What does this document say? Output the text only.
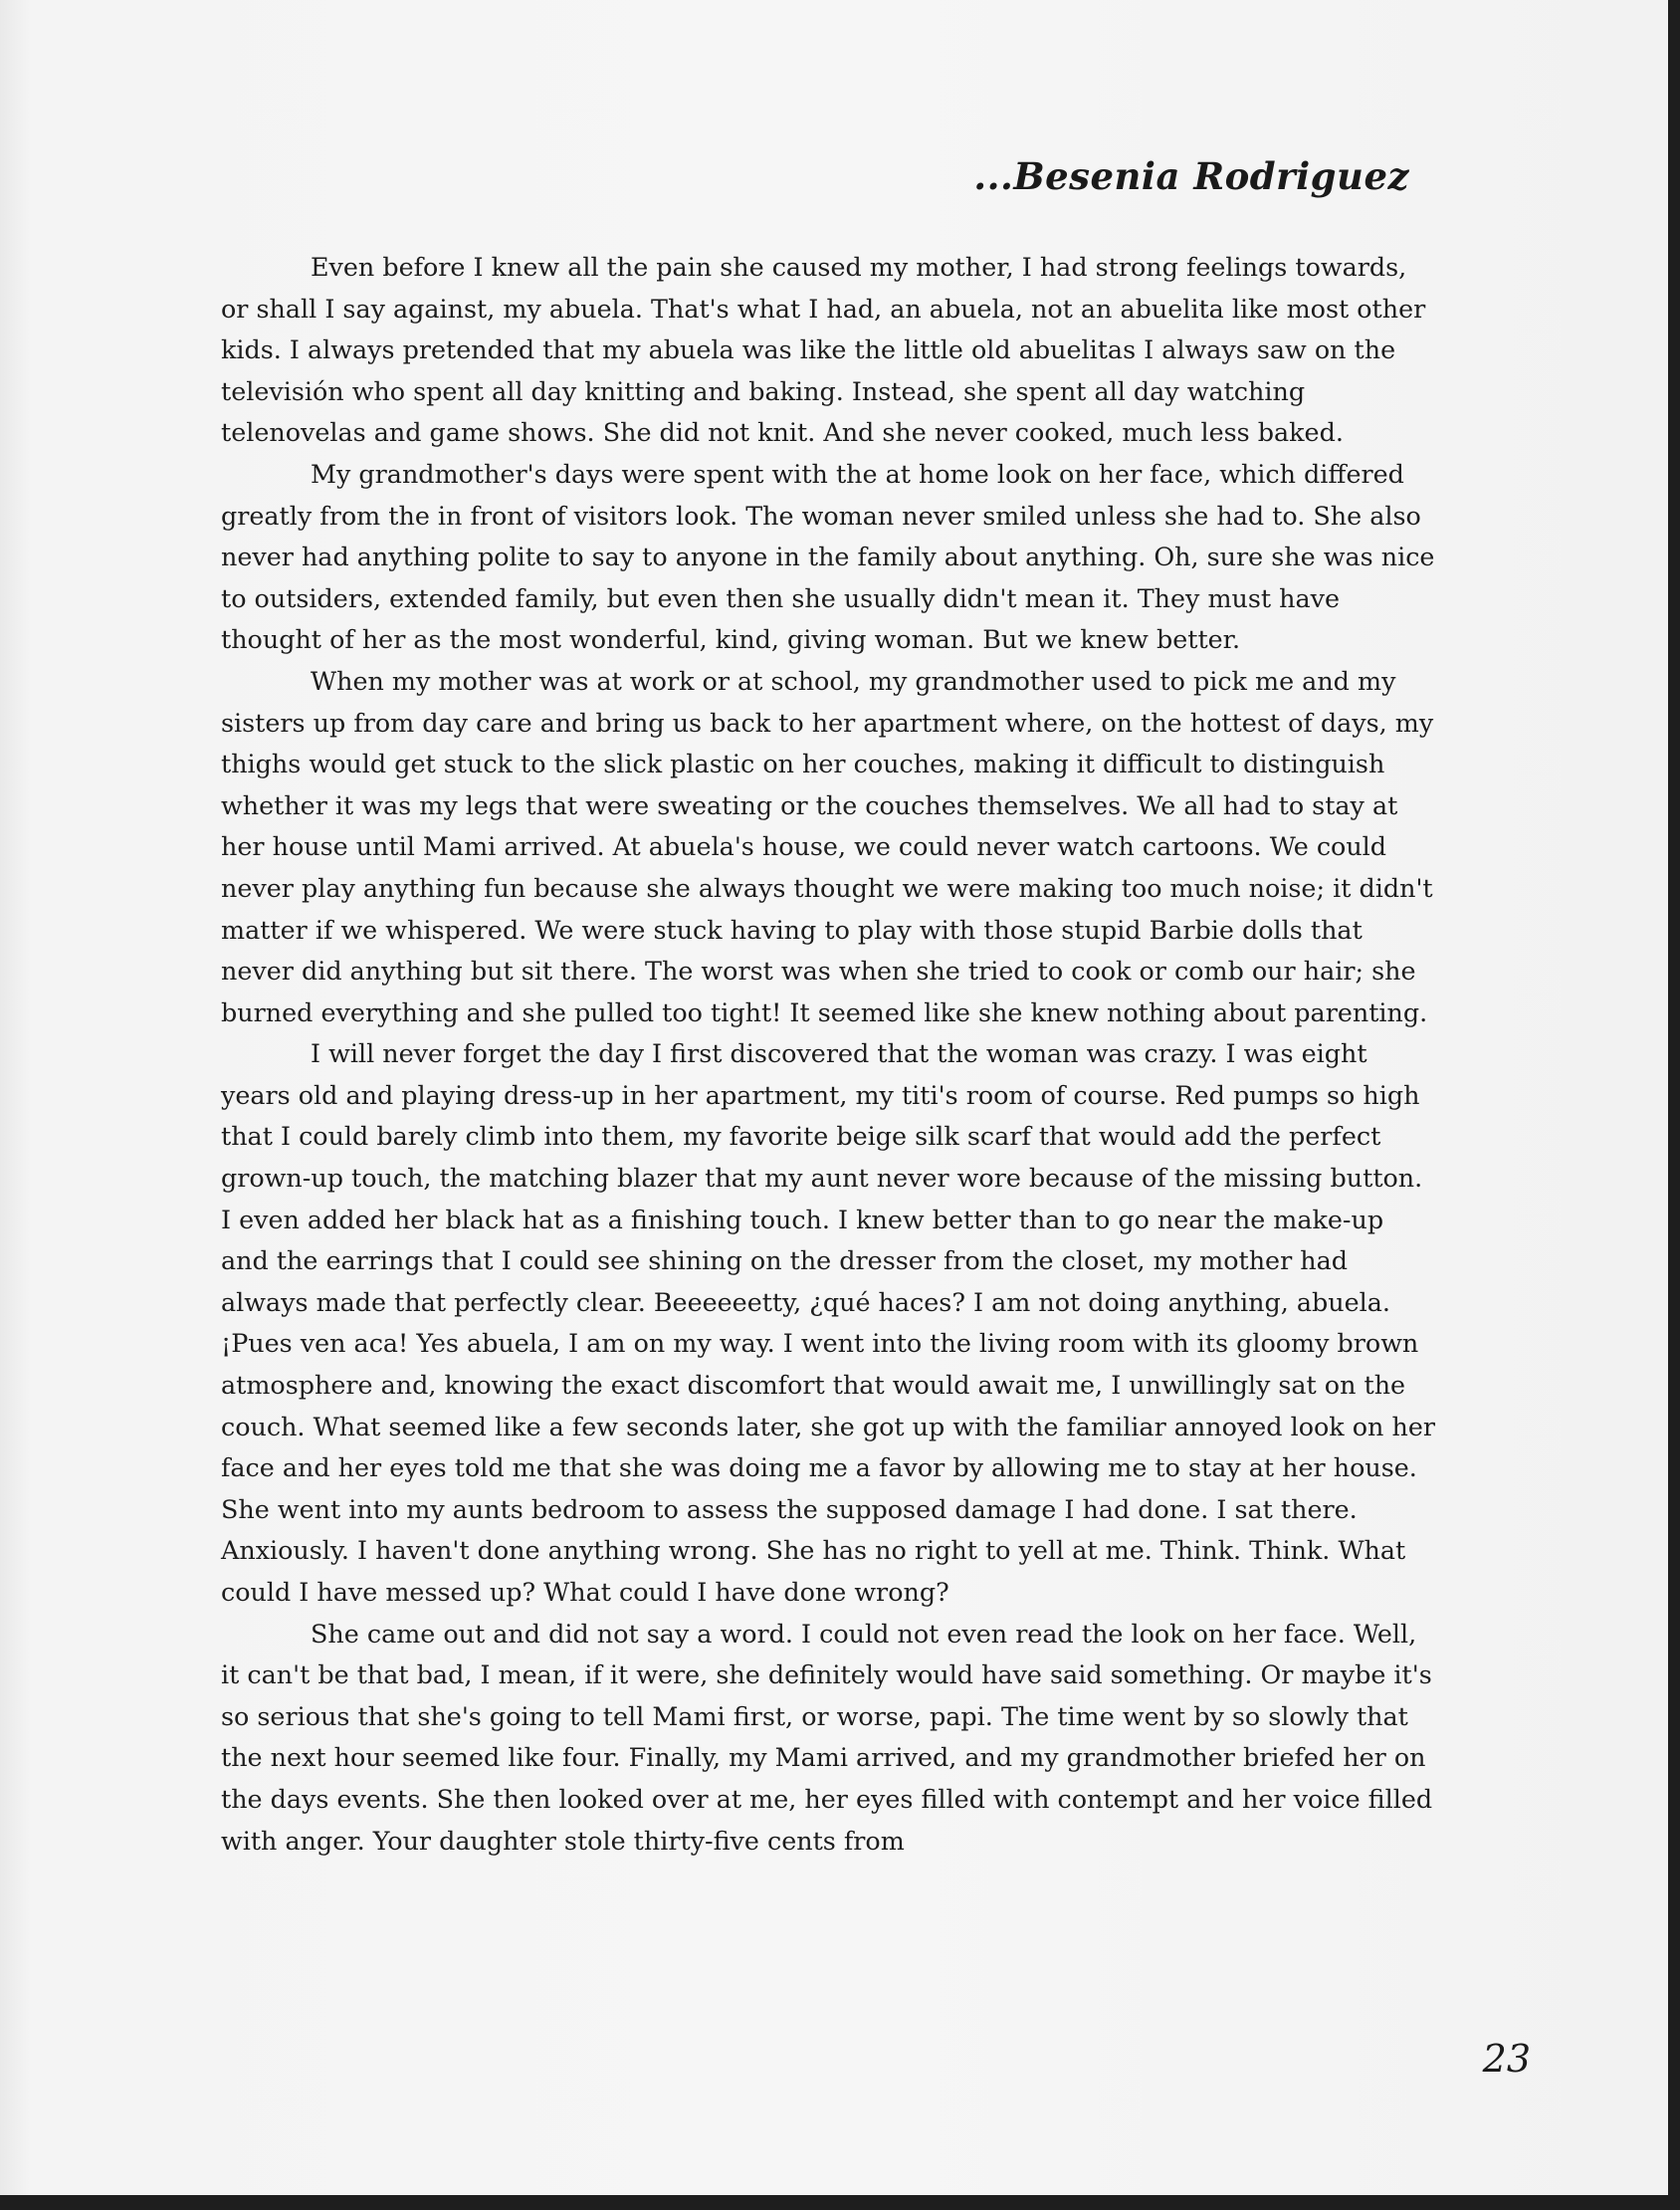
...Besenia Rodriguez

Even before I knew all the pain she caused my mother, I had strong feelings towards, or shall I say against, my abuela. That's what I had, an abuela, not an abuelita like most other kids. I always pretended that my abuela was like the little old abuelitas I always saw on the televisión who spent all day knitting and baking. Instead, she spent all day watching telenovelas and game shows. She did not knit. And she never cooked, much less baked.

My grandmother's days were spent with the at home look on her face, which differed greatly from the in front of visitors look. The woman never smiled unless she had to. She also never had anything polite to say to anyone in the family about anything. Oh, sure she was nice to outsiders, extended family, but even then she usually didn't mean it. They must have thought of her as the most wonderful, kind, giving woman. But we knew better.

When my mother was at work or at school, my grandmother used to pick me and my sisters up from day care and bring us back to her apartment where, on the hottest of days, my thighs would get stuck to the slick plastic on her couches, making it difficult to distinguish whether it was my legs that were sweating or the couches themselves. We all had to stay at her house until Mami arrived. At abuela's house, we could never watch cartoons. We could never play anything fun because she always thought we were making too much noise; it didn't matter if we whispered. We were stuck having to play with those stupid Barbie dolls that never did anything but sit there. The worst was when she tried to cook or comb our hair; she burned everything and she pulled too tight! It seemed like she knew nothing about parenting.

I will never forget the day I first discovered that the woman was crazy. I was eight years old and playing dress-up in her apartment, my titi's room of course. Red pumps so high that I could barely climb into them, my favorite beige silk scarf that would add the perfect grown-up touch, the matching blazer that my aunt never wore because of the missing button. I even added her black hat as a finishing touch. I knew better than to go near the make-up and the earrings that I could see shining on the dresser from the closet, my mother had always made that perfectly clear. Beeeeeetty, ¿qué haces? I am not doing anything, abuela. ¡Pues ven aca! Yes abuela, I am on my way. I went into the living room with its gloomy brown atmosphere and, knowing the exact discomfort that would await me, I unwillingly sat on the couch. What seemed like a few seconds later, she got up with the familiar annoyed look on her face and her eyes told me that she was doing me a favor by allowing me to stay at her house. She went into my aunts bedroom to assess the supposed damage I had done. I sat there. Anxiously. I haven't done anything wrong. She has no right to yell at me. Think. Think. What could I have messed up? What could I have done wrong?

She came out and did not say a word. I could not even read the look on her face. Well, it can't be that bad, I mean, if it were, she definitely would have said something. Or maybe it's so serious that she's going to tell Mami first, or worse, papi. The time went by so slowly that the next hour seemed like four. Finally, my Mami arrived, and my grandmother briefed her on the days events. She then looked over at me, her eyes filled with contempt and her voice filled with anger. Your daughter stole thirty-five cents from

23
